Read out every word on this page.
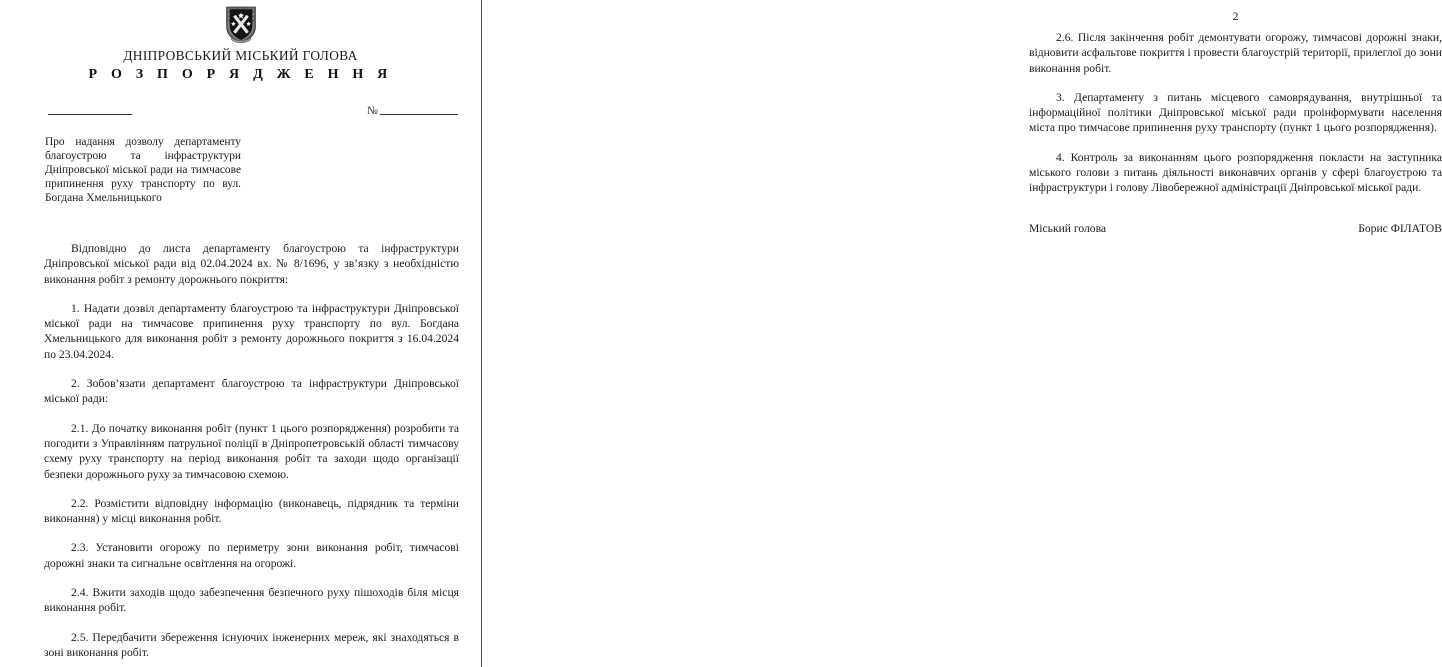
ДНІПРОВСЬКИЙ МІСЬКИЙ ГОЛОВА
Р О З П О Р Я Д Ж Е Н Н Я
№
Про надання дозволу департаменту благоустрою та інфраструктури Дніпровської міської ради на тимчасове припинення руху транспорту по вул. Богдана Хмельницького

Відповідно до листа департаменту благоустрою та інфраструктури Дніпровської міської ради від 02.04.2024 вх. № 8/1696, у зв’язку з необхідністю виконання робіт з ремонту дорожнього покриття:

1. Надати дозвіл департаменту благоустрою та інфраструктури Дніпровської міської ради на тимчасове припинення руху транспорту по вул. Богдана Хмельницького для виконання робіт з ремонту дорожнього покриття з 16.04.2024 по 23.04.2024.

2. Зобов’язати департамент благоустрою та інфраструктури Дніпровської міської ради:

2.1. До початку виконання робіт (пункт 1 цього розпорядження) розробити та погодити з Управлінням патрульної поліції в Дніпропетровській області тимчасову схему руху транспорту на період виконання робіт та заходи щодо організації безпеки дорожнього руху за тимчасовою схемою.

2.2. Розмістити відповідну інформацію (виконавець, підрядник та терміни виконання) у місці виконання робіт.

2.3. Установити огорожу по периметру зони виконання робіт, тимчасові дорожні знаки та сигнальне освітлення на огорожі.

2.4. Вжити заходів щодо забезпечення безпечного руху пішоходів біля місця виконання робіт.

2.5. Передбачити збереження існуючих інженерних мереж, які знаходяться в зоні виконання робіт.

2

2.6. Після закінчення робіт демонтувати огорожу, тимчасові дорожні знаки, відновити асфальтове покриття і провести благоустрій території, прилеглої до зони виконання робіт.

3. Департаменту з питань місцевого самоврядування, внутрішньої та інформаційної політики Дніпровської міської ради проінформувати населення міста про тимчасове припинення руху транспорту (пункт 1 цього розпорядження).

4. Контроль за виконанням цього розпорядження покласти на заступника міського голови з питань діяльності виконавчих органів у сфері благоустрою та інфраструктури і голову Лівобережної адміністрації Дніпровської міської ради.

Міський голова	Борис ФІЛАТОВ
